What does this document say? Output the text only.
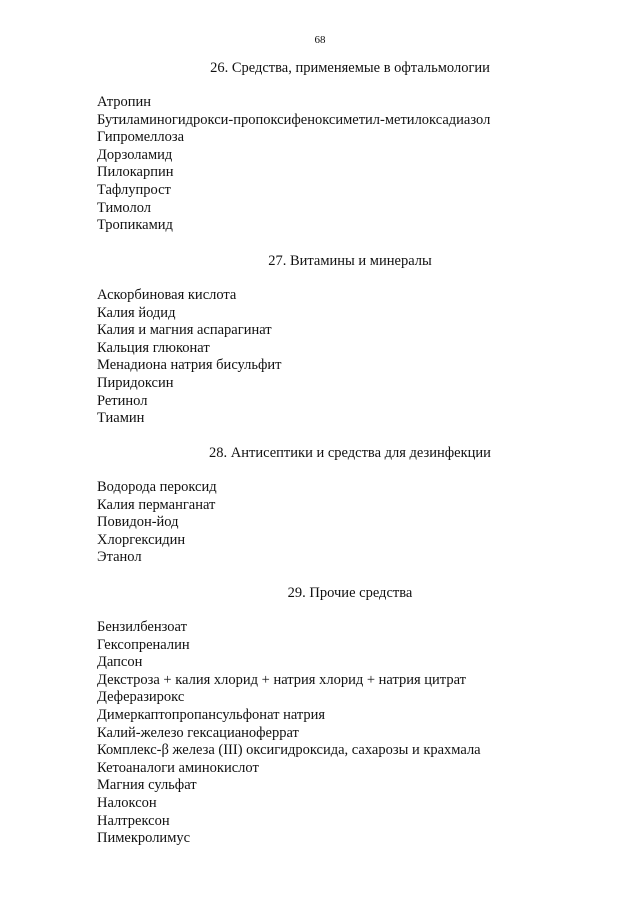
68
26. Средства, применяемые в офтальмологии
Атропин
Бутиламиногидрокси-пропоксифеноксиметил-метилоксадиазол
Гипромеллоза
Дорзоламид
Пилокарпин
Тафлупрост
Тимолол
Тропикамид
27. Витамины и минералы
Аскорбиновая кислота
Калия йодид
Калия и магния аспарагинат
Кальция глюконат
Менадиона натрия бисульфит
Пиридоксин
Ретинол
Тиамин
28. Антисептики и средства для дезинфекции
Водорода пероксид
Калия перманганат
Повидон-йод
Хлоргексидин
Этанол
29. Прочие средства
Бензилбензоат
Гексопреналин
Дапсон
Декстроза + калия хлорид + натрия хлорид + натрия цитрат
Деферазирокс
Димеркаптопропансульфонат натрия
Калий-железо гексацианоферрат
Комплекс-β железа (III) оксигидроксида, сахарозы и крахмала
Кетоаналоги аминокислот
Магния сульфат
Налоксон
Налтрексон
Пимекролимус
